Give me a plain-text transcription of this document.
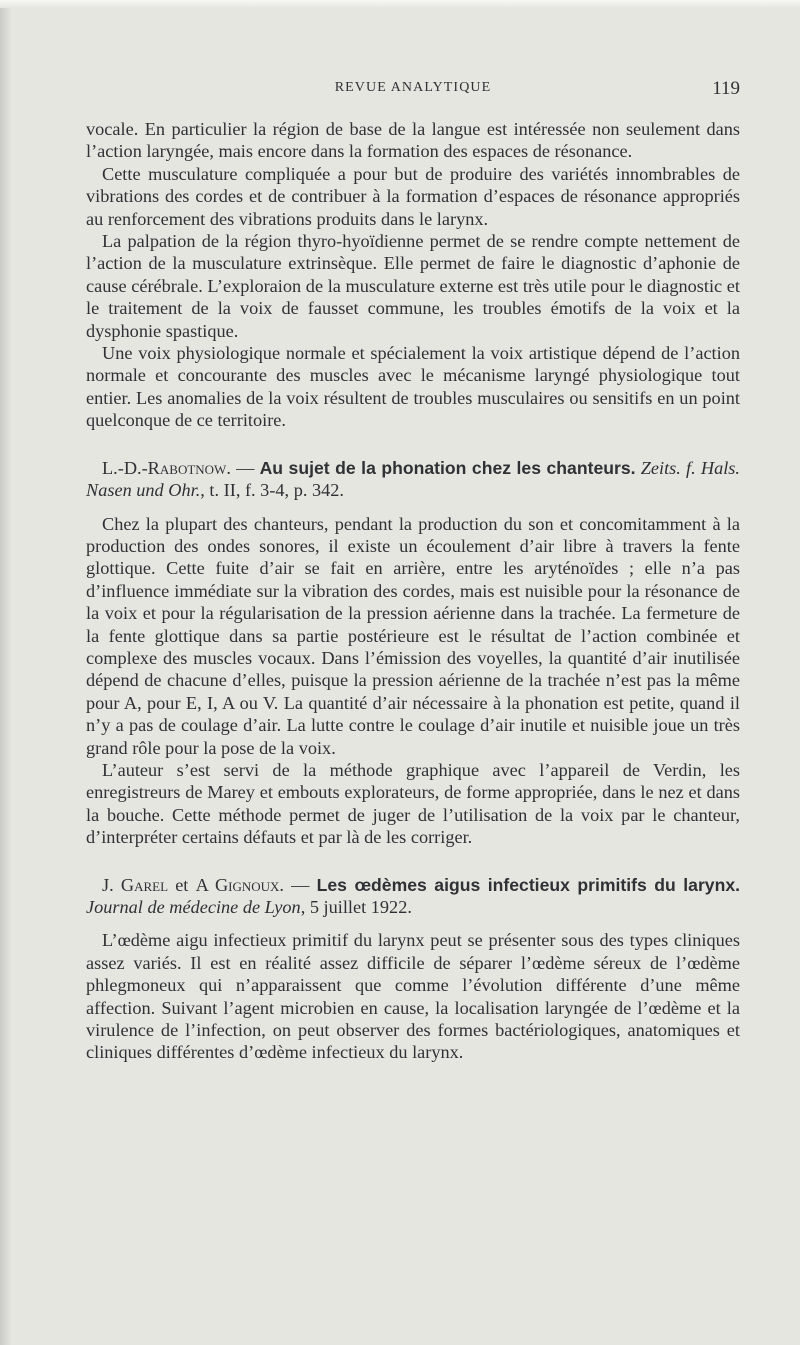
REVUE ANALYTIQUE	119

vocale. En particulier la région de base de la langue est intéressée non seulement dans l’action laryngée, mais encore dans la formation des espaces de résonance.

Cette musculature compliquée a pour but de produire des variétés innombrables de vibrations des cordes et de contribuer à la formation d’espaces de résonance appropriés au renforcement des vibrations produits dans le larynx.

La palpation de la région thyro-hyoïdienne permet de se rendre compte nettement de l’action de la musculature extrinsèque. Elle permet de faire le diagnostic d’aphonie de cause cérébrale. L’exploraion de la musculature externe est très utile pour le diagnostic et le traitement de la voix de fausset commune, les troubles émotifs de la voix et la dysphonie spastique.

Une voix physiologique normale et spécialement la voix artistique dépend de l’action normale et concourante des muscles avec le mécanisme laryngé physiologique tout entier. Les anomalies de la voix résultent de troubles musculaires ou sensitifs en un point quelconque de ce territoire.

L.-D.-Rabotnow. — Au sujet de la phonation chez les chanteurs. Zeits. f. Hals. Nasen und Ohr., t. II, f. 3-4, p. 342.

Chez la plupart des chanteurs, pendant la production du son et concomitamment à la production des ondes sonores, il existe un écoulement d’air libre à travers la fente glottique. Cette fuite d’air se fait en arrière, entre les aryténoïdes ; elle n’a pas d’influence immédiate sur la vibration des cordes, mais est nuisible pour la résonance de la voix et pour la régularisation de la pression aérienne dans la trachée. La fermeture de la fente glottique dans sa partie postérieure est le résultat de l’action combinée et complexe des muscles vocaux. Dans l’émission des voyelles, la quantité d’air inutilisée dépend de chacune d’elles, puisque la pression aérienne de la trachée n’est pas la même pour A, pour E, I, A ou V. La quantité d’air nécessaire à la phonation est petite, quand il n’y a pas de coulage d’air. La lutte contre le coulage d’air inutile et nuisible joue un très grand rôle pour la pose de la voix.

L’auteur s’est servi de la méthode graphique avec l’appareil de Verdin, les enregistreurs de Marey et embouts explorateurs, de forme appropriée, dans le nez et dans la bouche. Cette méthode permet de juger de l’utilisation de la voix par le chanteur, d’interpréter certains défauts et par là de les corriger.

J. Garel et A Gignoux. — Les œdèmes aigus infectieux primitifs du larynx. Journal de médecine de Lyon, 5 juillet 1922.

L’œdème aigu infectieux primitif du larynx peut se présenter sous des types cliniques assez variés. Il est en réalité assez difficile de séparer l’œdème séreux de l’œdème phlegmoneux qui n’apparaissent que comme l’évolution différente d’une même affection. Suivant l’agent microbien en cause, la localisation laryngée de l’œdème et la virulence de l’infection, on peut observer des formes bactériologiques, anatomiques et cliniques différentes d’œdème infectieux du larynx.
